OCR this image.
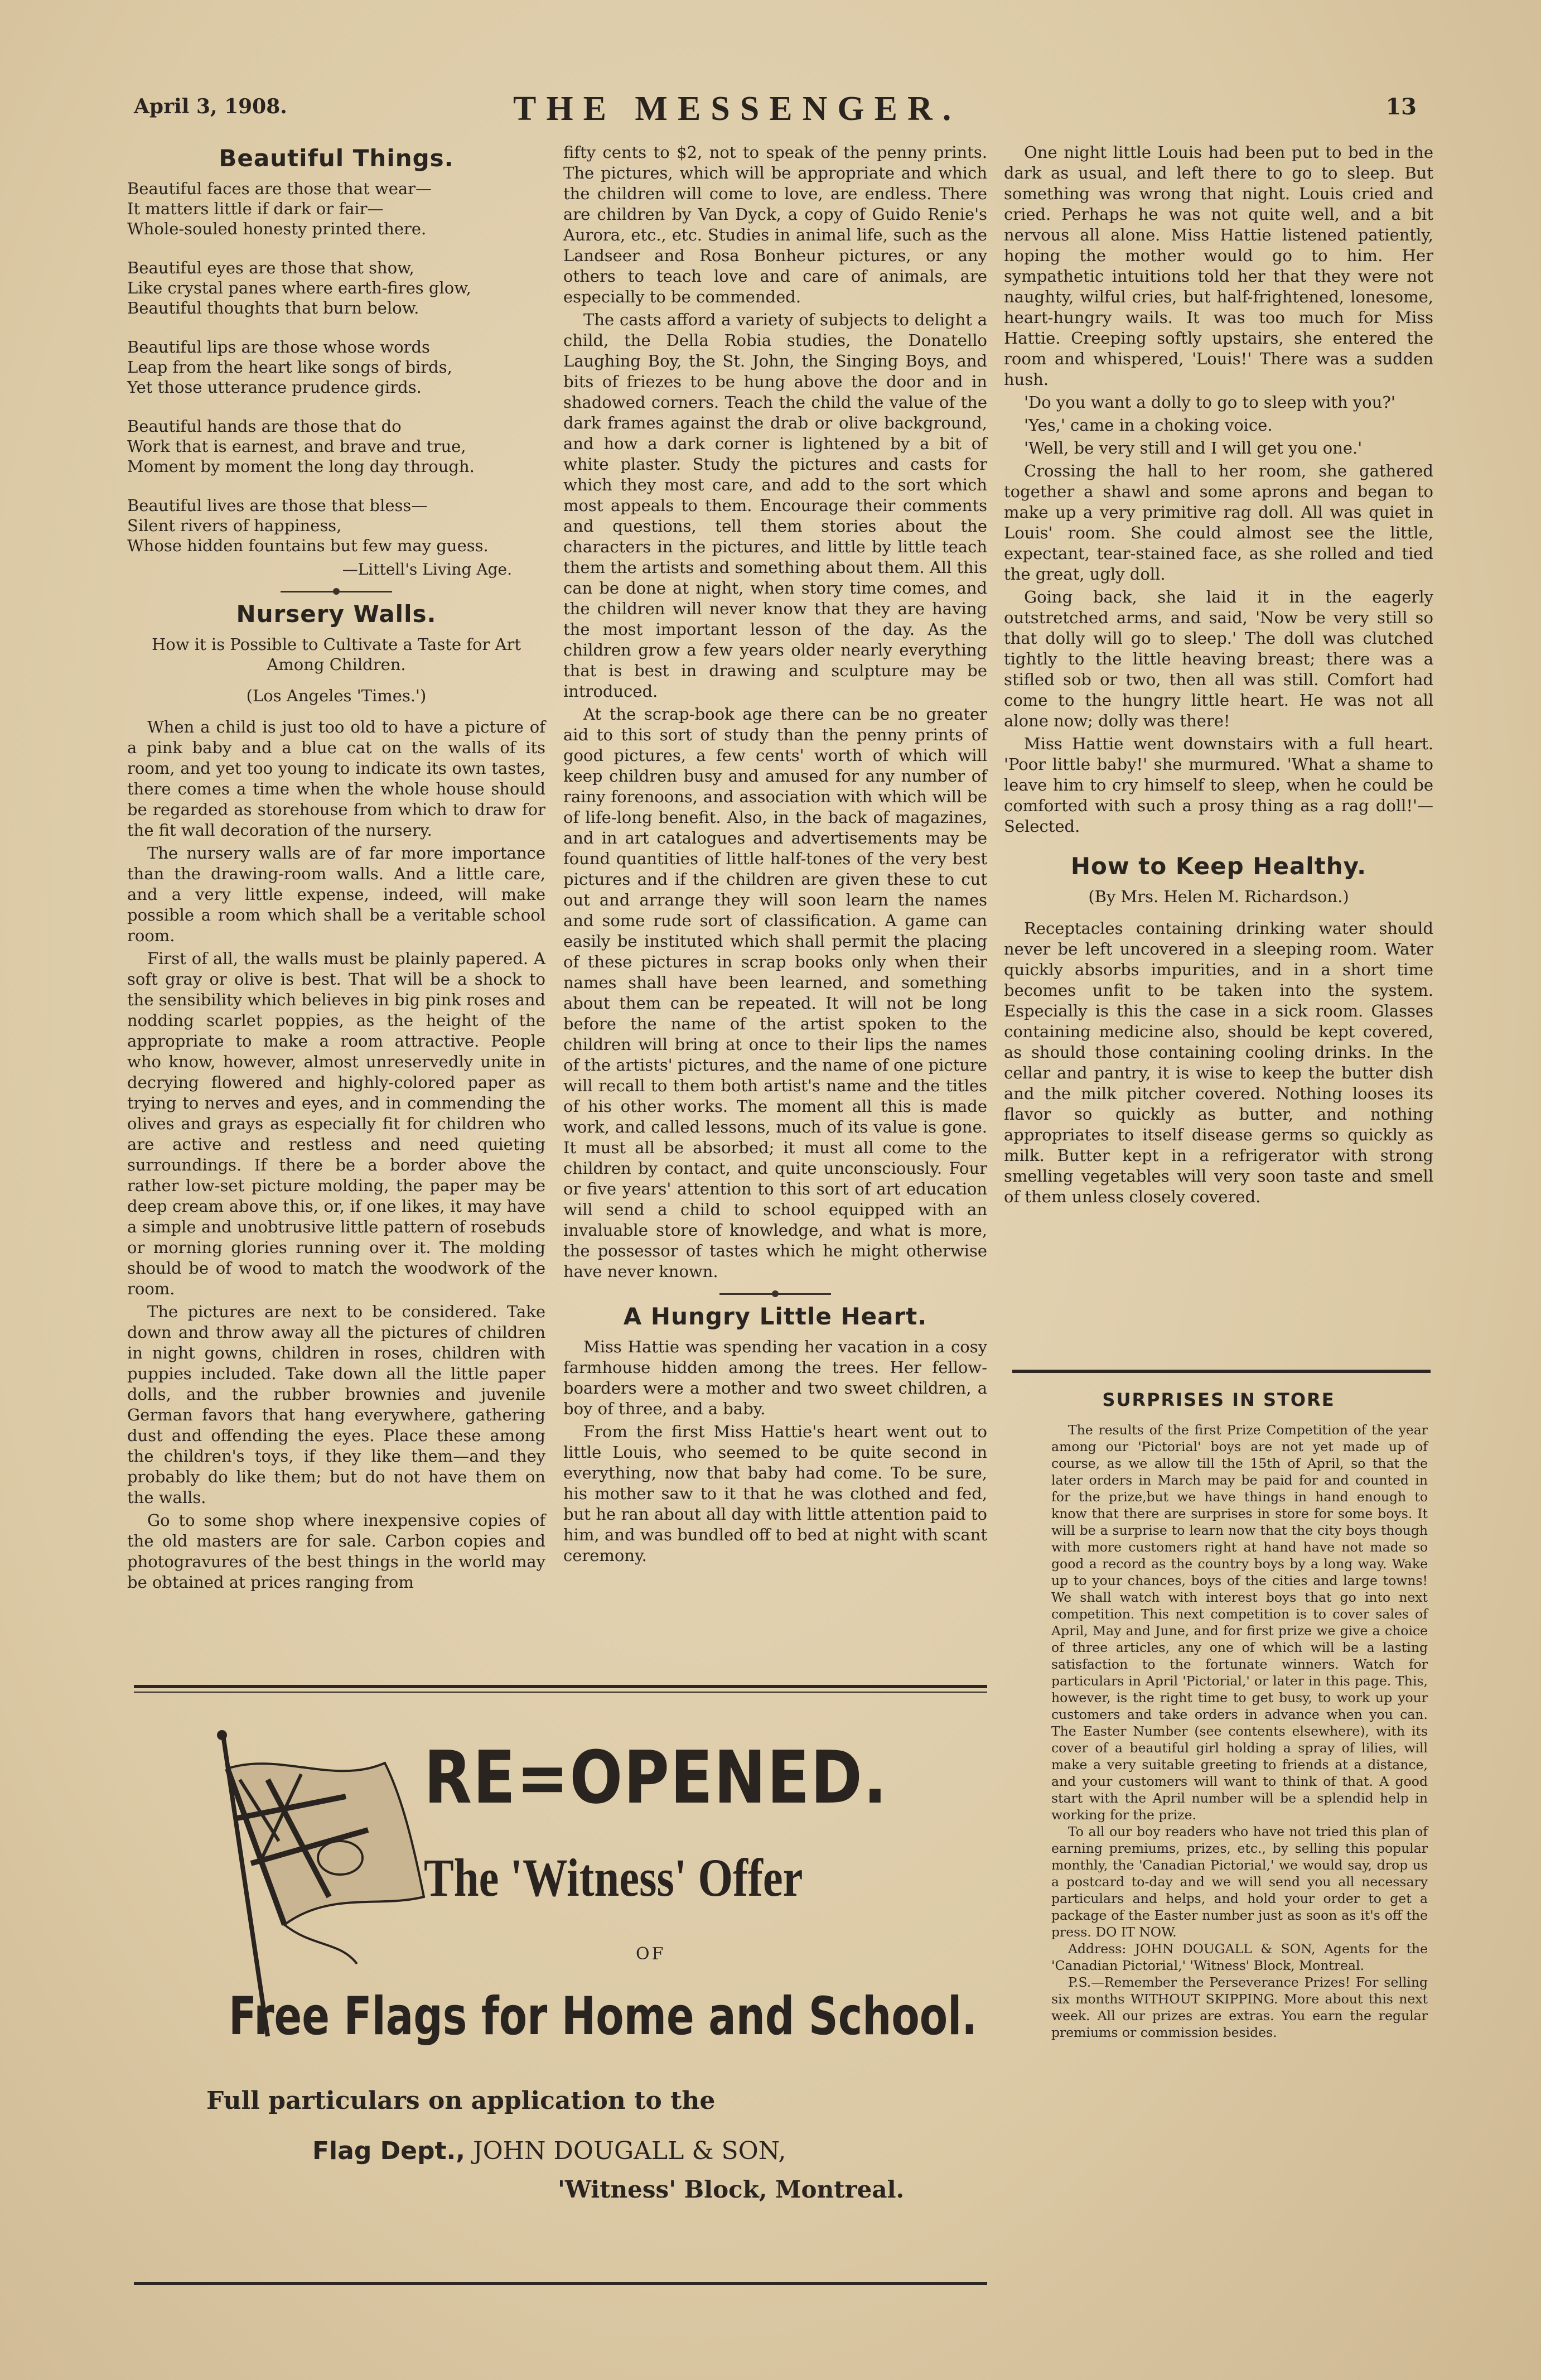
April 3, 1908.	THE MESSENGER.	13
Beautiful Things.
Beautiful faces are those that wear—
It matters little if dark or fair—
Whole-souled honesty printed there.
Beautiful eyes are those that show,
Like crystal panes where earth-fires glow,
Beautiful thoughts that burn below.
Beautiful lips are those whose words
Leap from the heart like songs of birds,
Yet those utterance prudence girds.
Beautiful hands are those that do
Work that is earnest, and brave and true,
Moment by moment the long day through.
Beautiful lives are those that bless—
Silent rivers of happiness,
Whose hidden fountains but few may guess.
—Littell's Living Age.
Nursery Walls.
How it is Possible to Cultivate a Taste for Art Among Children.
(Los Angeles 'Times.')

When a child is just too old to have a picture of a pink baby and a blue cat on the walls of its room, and yet too young to indicate its own tastes, there comes a time when the whole house should be regarded as storehouse from which to draw for the fit wall decoration of the nursery.

The nursery walls are of far more importance than the drawing-room walls. And a little care, and a very little expense, indeed, will make possible a room which shall be a veritable school room.

First of all, the walls must be plainly papered. A soft gray or olive is best. That will be a shock to the sensibility which believes in big pink roses and nodding scarlet poppies, as the height of the appropriate to make a room attractive. People who know, however, almost unreservedly unite in decrying flowered and highly-colored paper as trying to nerves and eyes, and in commending the olives and grays as especially fit for children who are active and restless and need quieting surroundings. If there be a border above the rather low-set picture molding, the paper may be deep cream above this, or, if one likes, it may have a simple and unobtrusive little pattern of rosebuds or morning glories running over it. The molding should be of wood to match the woodwork of the room.

The pictures are next to be considered. Take down and throw away all the pictures of children in night gowns, children in roses, children with puppies included. Take down all the little paper dolls, and the rubber brownies and juvenile German favors that hang everywhere, gathering dust and offending the eyes. Place these among the children's toys, if they like them—and they probably do like them; but do not have them on the walls.

Go to some shop where inexpensive copies of the old masters are for sale. Carbon copies and photogravures of the best things in the world may be obtained at prices ranging from

fifty cents to $2, not to speak of the penny prints. The pictures, which will be appropriate and which the children will come to love, are endless. There are children by Van Dyck, a copy of Guido Renie's Aurora, etc., etc. Studies in animal life, such as the Landseer and Rosa Bonheur pictures, or any others to teach love and care of animals, are especially to be commended.

The casts afford a variety of subjects to delight a child, the Della Robia studies, the Donatello Laughing Boy, the St. John, the Singing Boys, and bits of friezes to be hung above the door and in shadowed corners. Teach the child the value of the dark frames against the drab or olive background, and how a dark corner is lightened by a bit of white plaster. Study the pictures and casts for which they most care, and add to the sort which most appeals to them. Encourage their comments and questions, tell them stories about the characters in the pictures, and little by little teach them the artists and something about them. All this can be done at night, when story time comes, and the children will never know that they are having the most important lesson of the day. As the children grow a few years older nearly everything that is best in drawing and sculpture may be introduced.

At the scrap-book age there can be no greater aid to this sort of study than the penny prints of good pictures, a few cents' worth of which will keep children busy and amused for any number of rainy forenoons, and association with which will be of life-long benefit. Also, in the back of magazines, and in art catalogues and advertisements may be found quantities of little half-tones of the very best pictures and if the children are given these to cut out and arrange they will soon learn the names and some rude sort of classification. A game can easily be instituted which shall permit the placing of these pictures in scrap books only when their names shall have been learned, and something about them can be repeated. It will not be long before the name of the artist spoken to the children will bring at once to their lips the names of the artists' pictures, and the name of one picture will recall to them both artist's name and the titles of his other works. The moment all this is made work, and called lessons, much of its value is gone. It must all be absorbed; it must all come to the children by contact, and quite unconsciously. Four or five years' attention to this sort of art education will send a child to school equipped with an invaluable store of knowledge, and what is more, the possessor of tastes which he might otherwise have never known.

A Hungry Little Heart.

Miss Hattie was spending her vacation in a cosy farmhouse hidden among the trees. Her fellow-boarders were a mother and two sweet children, a boy of three, and a baby.

From the first Miss Hattie's heart went out to little Louis, who seemed to be quite second in everything, now that baby had come. To be sure, his mother saw to it that he was clothed and fed, but he ran about all day with little attention paid to him, and was bundled off to bed at night with scant ceremony.

One night little Louis had been put to bed in the dark as usual, and left there to go to sleep. But something was wrong that night. Louis cried and cried. Perhaps he was not quite well, and a bit nervous all alone. Miss Hattie listened patiently, hoping the mother would go to him. Her sympathetic intuitions told her that they were not naughty, wilful cries, but half-frightened, lonesome, heart-hungry wails. It was too much for Miss Hattie. Creeping softly upstairs, she entered the room and whispered, 'Louis!' There was a sudden hush.

'Do you want a dolly to go to sleep with you?'

'Yes,' came in a choking voice.

'Well, be very still and I will get you one.'

Crossing the hall to her room, she gathered together a shawl and some aprons and began to make up a very primitive rag doll. All was quiet in Louis' room. She could almost see the little, expectant, tear-stained face, as she rolled and tied the great, ugly doll.

Going back, she laid it in the eagerly outstretched arms, and said, 'Now be very still so that dolly will go to sleep.' The doll was clutched tightly to the little heaving breast; there was a stifled sob or two, then all was still. Comfort had come to the hungry little heart. He was not all alone now; dolly was there!

Miss Hattie went downstairs with a full heart. 'Poor little baby!' she murmured. 'What a shame to leave him to cry himself to sleep, when he could be comforted with such a prosy thing as a rag doll!'—Selected.

How to Keep Healthy.
(By Mrs. Helen M. Richardson.)

Receptacles containing drinking water should never be left uncovered in a sleeping room. Water quickly absorbs impurities, and in a short time becomes unfit to be taken into the system. Especially is this the case in a sick room. Glasses containing medicine also, should be kept covered, as should those containing cooling drinks. In the cellar and pantry, it is wise to keep the butter dish and the milk pitcher covered. Nothing looses its flavor so quickly as butter, and nothing appropriates to itself disease germs so quickly as milk. Butter kept in a refrigerator with strong smelling vegetables will very soon taste and smell of them unless closely covered.

SURPRISES IN STORE

The results of the first Prize Competition of the year among our 'Pictorial' boys are not yet made up of course, as we allow till the 15th of April, so that the later orders in March may be paid for and counted in for the prize,but we have things in hand enough to know that there are surprises in store for some boys. It will be a surprise to learn now that the city boys though with more customers right at hand have not made so good a record as the country boys by a long way. Wake up to your chances, boys of the cities and large towns! We shall watch with interest boys that go into next competition. This next competition is to cover sales of April, May and June, and for first prize we give a choice of three articles, any one of which will be a lasting satisfaction to the fortunate winners. Watch for particulars in April 'Pictorial,' or later in this page. This, however, is the right time to get busy, to work up your customers and take orders in advance when you can. The Easter Number (see contents elsewhere), with its cover of a beautiful girl holding a spray of lilies, will make a very suitable greeting to friends at a distance, and your customers will want to think of that. A good start with the April number will be a splendid help in working for the prize.

To all our boy readers who have not tried this plan of earning premiums, prizes, etc., by selling this popular monthly, the 'Canadian Pictorial,' we would say, drop us a postcard to-day and we will send you all necessary particulars and helps, and hold your order to get a package of the Easter number just as soon as it's off the press. DO IT NOW.

Address: JOHN DOUGALL & SON, Agents for the 'Canadian Pictorial,' 'Witness' Block, Montreal.

P.S.—Remember the Perseverance Prizes! For selling six months WITHOUT SKIPPING. More about this next week. All our prizes are extras. You earn the regular premiums or commission besides.

RE=OPENED.
The 'Witness' Offer
OF
Free Flags for Home and School.
Full particulars on application to the
Flag Dept., JOHN DOUGALL & SON,
'Witness' Block, Montreal.
